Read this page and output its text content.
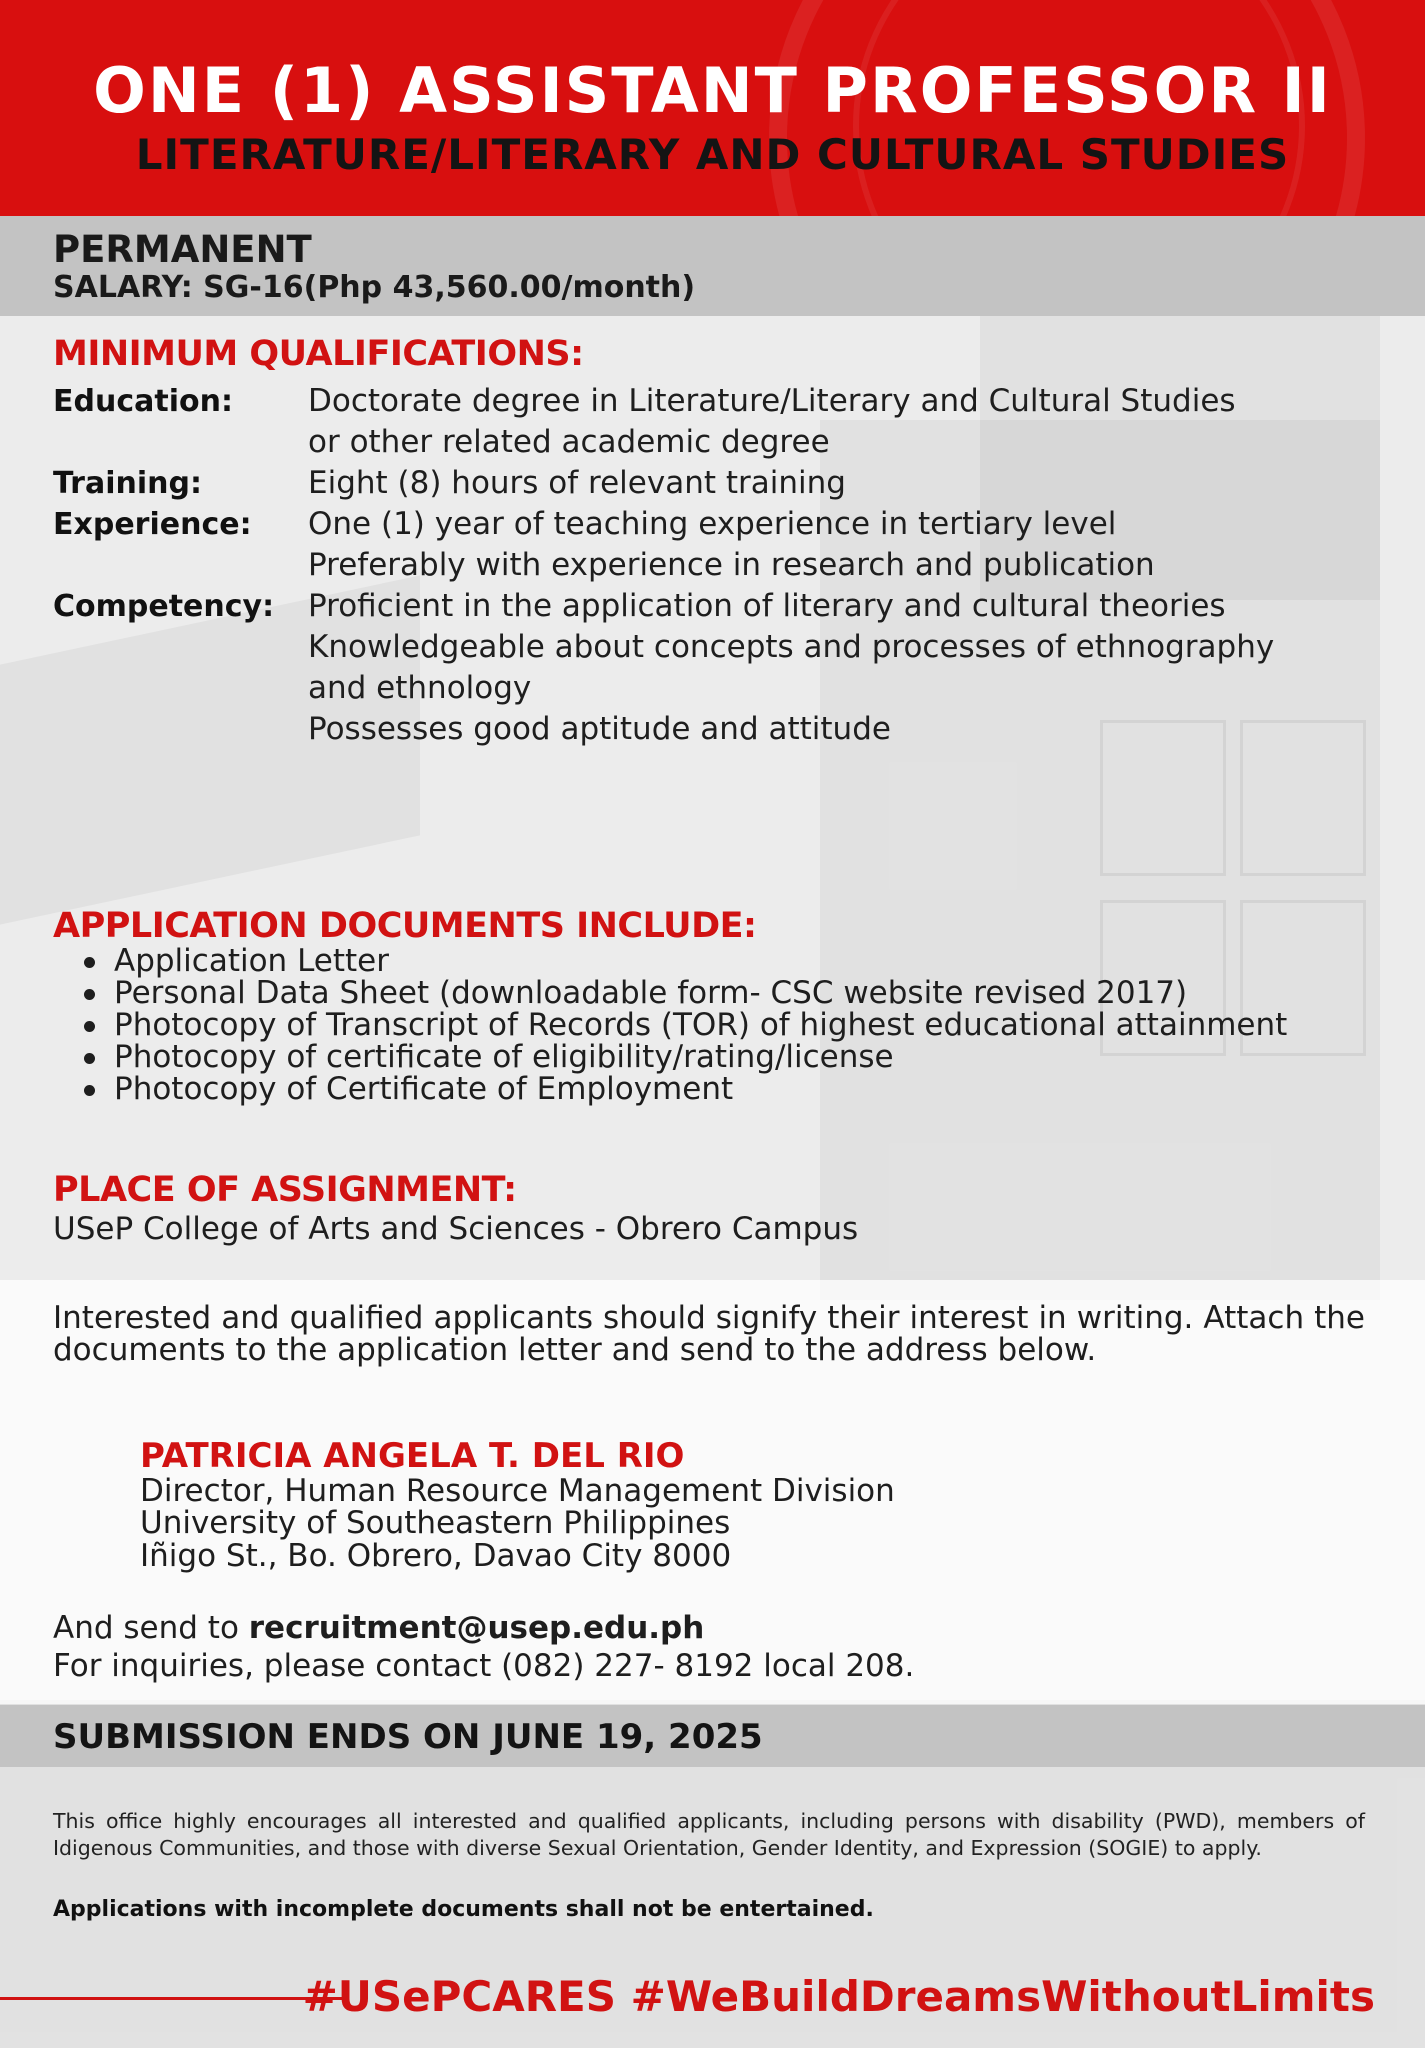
ONE (1) ASSISTANT PROFESSOR II
LITERATURE/LITERARY AND CULTURAL STUDIES
PERMANENT
SALARY: SG-16(Php 43,560.00/month)
MINIMUM QUALIFICATIONS:
Education: Doctorate degree in Literature/Literary and Cultural Studies
or other related academic degree
Training:	Eight (8) hours of relevant training
Experience: One (1) year of teaching experience in tertiary level
Preferably with experience in research and publication
Competency: Proficient in the application of literary and cultural theories
Knowledgeable about concepts and processes of ethnography
and ethnology
Possesses good aptitude and attitude
APPLICATION DOCUMENTS INCLUDE:
Application Letter
Personal Data Sheet (downloadable form- CSC website revised 2017)
Photocopy of Transcript of Records (TOR) of highest educational attainment
Photocopy of certificate of eligibility/rating/license
Photocopy of Certificate of Employment
PLACE OF ASSIGNMENT:
USeP College of Arts and Sciences - Obrero Campus
Interested and qualified applicants should signify their interest in writing. Attach the documents to the application letter and send to the address below.
PATRICIA ANGELA T. DEL RIO
Director, Human Resource Management Division
University of Southeastern Philippines
Iñigo St., Bo. Obrero, Davao City 8000
And send to recruitment@usep.edu.ph
For inquiries, please contact (082) 227- 8192 local 208.
SUBMISSION ENDS ON JUNE 19, 2025
This office highly encourages all interested and qualified applicants, including persons with disability (PWD), members of Idigenous Communities, and those with diverse Sexual Orientation, Gender Identity, and Expression (SOGIE) to apply.
Applications with incomplete documents shall not be entertained.
#USePCARES #WeBuildDreamsWithoutLimits
